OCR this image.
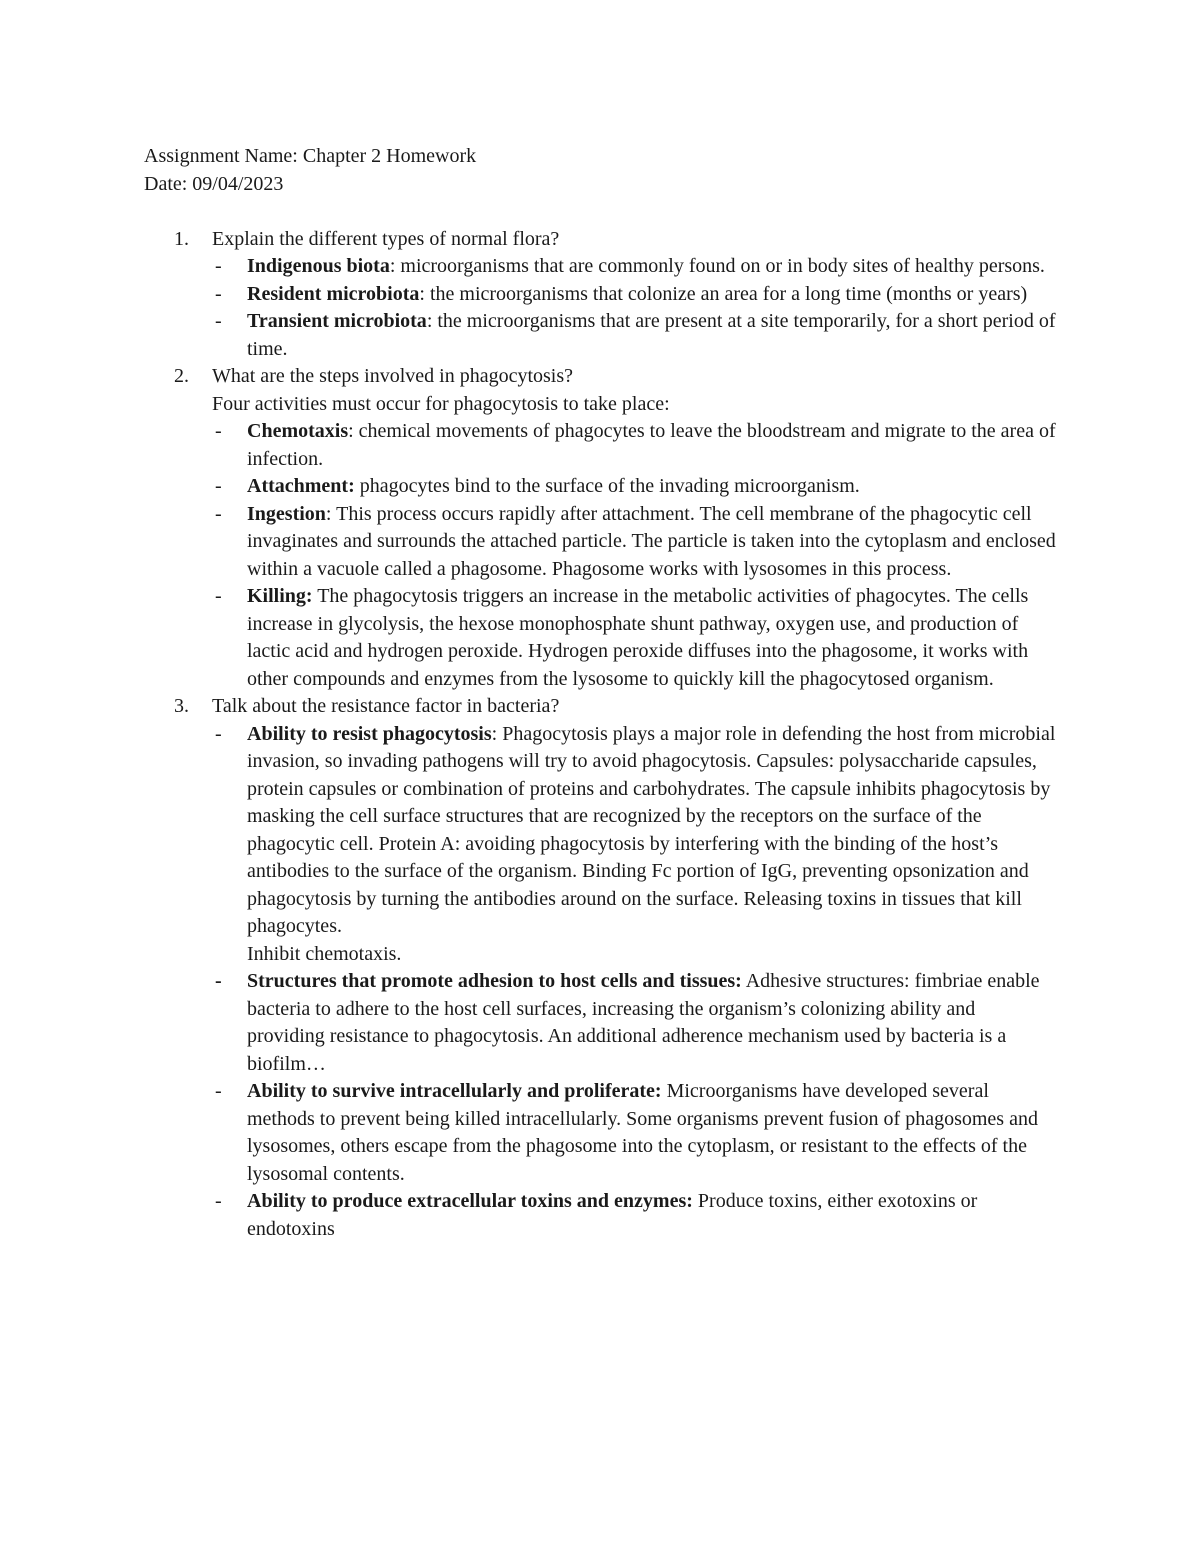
Assignment Name: Chapter 2 Homework

Date: 09/04/2023

1. Explain the different types of normal flora?

- Indigenous biota: microorganisms that are commonly found on or in body sites of healthy persons.
- Resident microbiota: the microorganisms that colonize an area for a long time (months or years)
- Transient microbiota: the microorganisms that are present at a site temporarily, for a short period of time.
2. What are the steps involved in phagocytosis?

Four activities must occur for phagocytosis to take place:

- Chemotaxis: chemical movements of phagocytes to leave the bloodstream and migrate to the area of infection.
- Attachment: phagocytes bind to the surface of the invading microorganism.
- Ingestion: This process occurs rapidly after attachment. The cell membrane of the phagocytic cell invaginates and surrounds the attached particle. The particle is taken into the cytoplasm and enclosed within a vacuole called a phagosome. Phagosome works with lysosomes in this process.
- Killing: The phagocytosis triggers an increase in the metabolic activities of phagocytes. The cells increase in glycolysis, the hexose monophosphate shunt pathway, oxygen use, and production of lactic acid and hydrogen peroxide. Hydrogen peroxide diffuses into the phagosome, it works with other compounds and enzymes from the lysosome to quickly kill the phagocytosed organism.
3. Talk about the resistance factor in bacteria?

- Ability to resist phagocytosis: Phagocytosis plays a major role in defending the host from microbial invasion, so invading pathogens will try to avoid phagocytosis. Capsules: polysaccharide capsules, protein capsules or combination of proteins and carbohydrates. The capsule inhibits phagocytosis by masking the cell surface structures that are recognized by the receptors on the surface of the phagocytic cell. Protein A: avoiding phagocytosis by interfering with the binding of the host’s antibodies to the surface of the organism. Binding Fc portion of IgG, preventing opsonization and phagocytosis by turning the antibodies around on the surface. Releasing toxins in tissues that kill phagocytes.
Inhibit chemotaxis.
- Structures that promote adhesion to host cells and tissues: Adhesive structures: fimbriae enable bacteria to adhere to the host cell surfaces, increasing the organism’s colonizing ability and providing resistance to phagocytosis. An additional adherence mechanism used by bacteria is a biofilm…
- Ability to survive intracellularly and proliferate: Microorganisms have developed several methods to prevent being killed intracellularly. Some organisms prevent fusion of phagosomes and lysosomes, others escape from the phagosome into the cytoplasm, or resistant to the effects of the lysosomal contents.
- Ability to produce extracellular toxins and enzymes: Produce toxins, either exotoxins or endotoxins
